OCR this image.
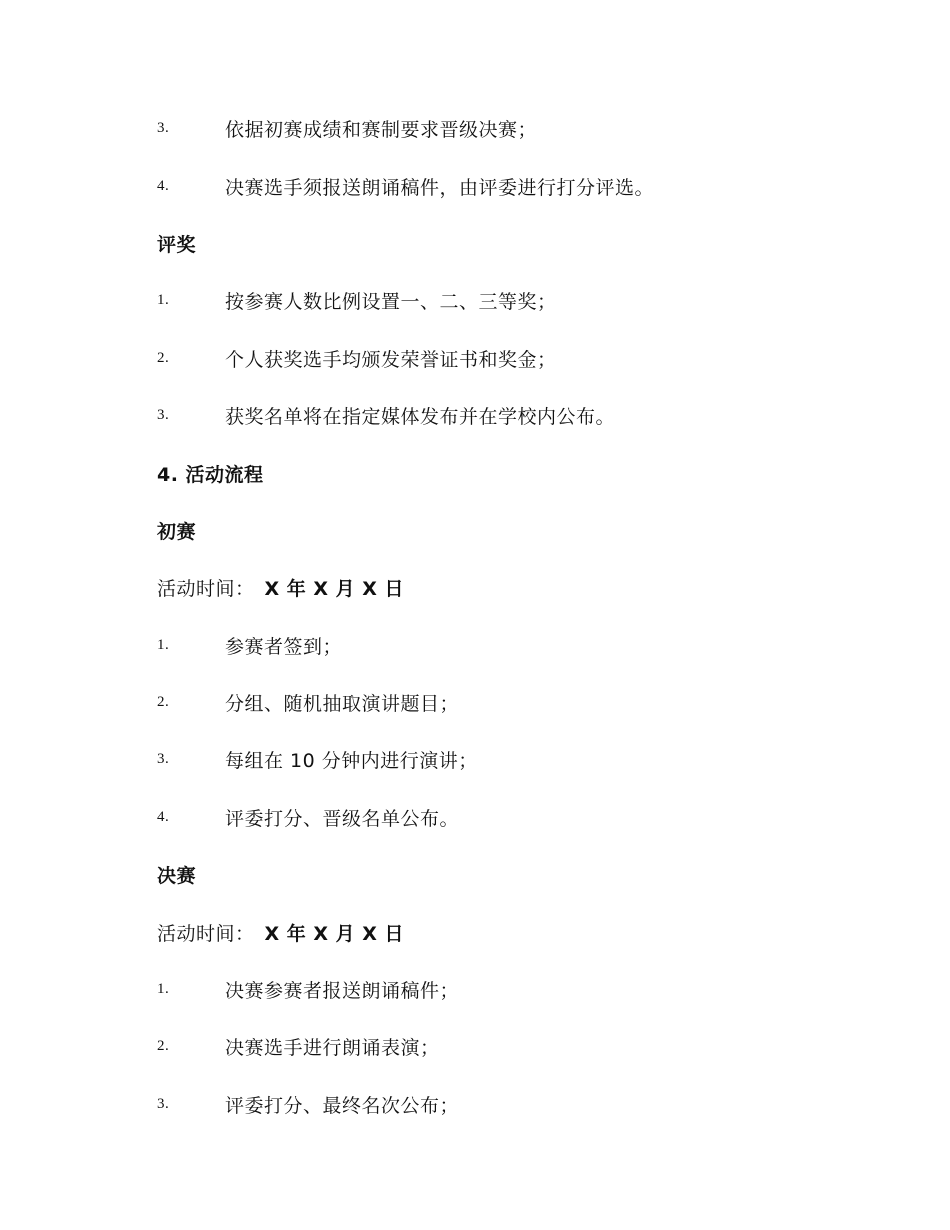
3.	依据初赛成绩和赛制要求晋级决赛；
4.	决赛选手须报送朗诵稿件，由评委进行打分评选。
评奖
1.	按参赛人数比例设置一、二、三等奖；
2.	个人获奖选手均颁发荣誉证书和奖金；
3.	获奖名单将在指定媒体发布并在学校内公布。
4. 活动流程
初赛
活动时间： X 年 X 月 X 日
1.	参赛者签到；
2.	分组、随机抽取演讲题目；
3.	每组在 10 分钟内进行演讲；
4.	评委打分、晋级名单公布。
决赛
活动时间： X 年 X 月 X 日
1.	决赛参赛者报送朗诵稿件；
2.	决赛选手进行朗诵表演；
3.	评委打分、最终名次公布；
